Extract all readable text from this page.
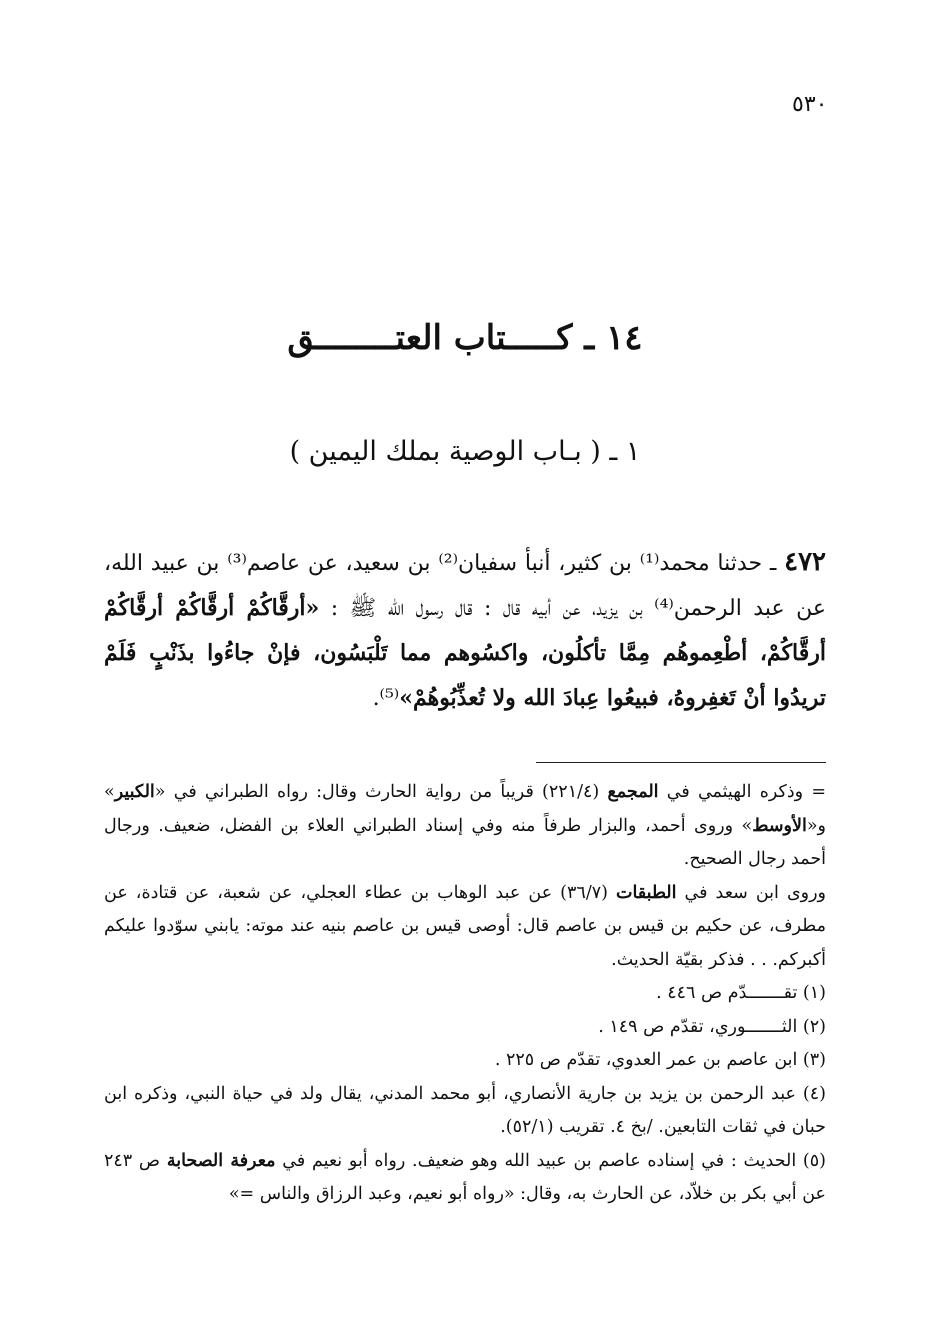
٥٣٠
١٤ ـ كـــــتاب العتــــــــق
١ ـ ( بـاب الوصية بملك اليمين )
٤٧٢ ـ حدثنا محمد⁽¹⁾ بن كثير، أنبأ سفيان⁽²⁾ بن سعيد، عن عاصم⁽³⁾ بن عبيد الله، عن عبد الرحمن⁽⁴⁾ بن يزيد، عن أبيه قال : قال رسول الله ﷺ : «أرقَّاكُمْ أرقَّاكُمْ أرقَّاكُمْ أرقَّاكُمْ، أطْعِموهُم مِمَّا تأكلُون، واكسُوهم مما تَلْبَسُون، فإنْ جاءُوا بذَنْبٍ فَلَمْ تريدُوا أنْ تَغفِروهُ، فبيعُوا عِبادَ الله ولا تُعذِّبُوهُمْ»⁽⁵⁾.

= وذكره الهيثمي في المجمع (٢٢١/٤) قريباً من رواية الحارث وقال: رواه الطبراني في «الكبير» و«الأوسط» وروى أحمد، والبزار طرفاً منه وفي إسناد الطبراني العلاء بن الفضل، ضعيف. ورجال أحمد رجال الصحيح.

وروى ابن سعد في الطبقات (٣٦/٧) عن عبد الوهاب بن عطاء العجلي، عن شعبة، عن قتادة، عن مطرف، عن حكيم بن قيس بن عاصم قال: أوصى قيس بن عاصم بنيه عند موته: يابني سوّدوا عليكم أكبركم. . . فذكر بقيّة الحديث.

(١) تقـــــــدّم ص ٤٤٦ .

(٢) الثـــــــوري، تقدّم ص ١٤٩ .

(٣) ابن عاصم بن عمر العدوي، تقدّم ص ٢٢٥ .

(٤) عبد الرحمن بن يزيد بن جارية الأنصاري، أبو محمد المدني، يقال ولد في حياة النبي، وذكره ابن حبان في ثقات التابعين. /بخ ٤. تقريب (٥٢/١).

(٥) الحديث : في إسناده عاصم بن عبيد الله وهو ضعيف. رواه أبو نعيم في معرفة الصحابة ص ٢٤٣ عن أبي بكر بن خلاّد، عن الحارث به، وقال: «رواه أبو نعيم، وعبد الرزاق والناس =»
